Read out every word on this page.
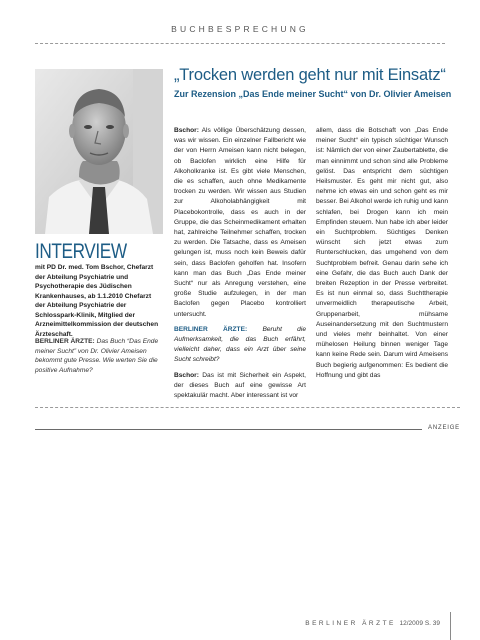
BUCHBESPRECHUNG
„Trocken werden geht nur mit Einsatz“
Zur Rezension „Das Ende meiner Sucht“ von Dr. Olivier Ameisen
INTERVIEW
mit PD Dr. med. Tom Bschor, Chefarzt der Abteilung Psychiatrie und Psychotherapie des Jüdischen Krankenhauses, ab 1.1.2010 Chefarzt der Abteilung Psychiatrie der Schlosspark-Klinik, Mitglied der Arzneimittelkommission der deutschen Ärzteschaft.
BERLINER ÄRZTE: Das Buch “Das Ende meiner Sucht” von Dr. Olivier Ameisen bekommt gute Presse. Wie werten Sie die positive Aufnahme?

Bschor: Als völlige Überschätzung dessen, was wir wissen. Ein einzelner Fallbericht wie der von Herrn Ameisen kann nicht belegen, ob Baclofen wirklich eine Hilfe für Alkoholkranke ist. Es gibt viele Menschen, die es schaffen, auch ohne Medikamente trocken zu werden. Wir wissen aus Studien zur Alkoholabhängigkeit mit Placebokontrolle, dass es auch in der Gruppe, die das Scheinmedikament erhalten hat, zahlreiche Teilnehmer schaffen, trocken zu werden. Die Tatsache, dass es Ameisen gelungen ist, muss noch kein Beweis dafür sein, dass Baclofen geholfen hat. Insofern kann man das Buch „Das Ende meiner Sucht“ nur als Anregung verstehen, eine große Studie aufzulegen, in der man Baclofen gegen Placebo kontrolliert untersucht.

BERLINER ÄRZTE: Beruht die Aufmerksamkeit, die das Buch erfährt, vielleicht daher, dass ein Arzt über seine Sucht schreibt?

Bschor: Das ist mit Sicherheit ein Aspekt, der dieses Buch auf eine gewisse Art spektakulär macht. Aber interessant ist vor

allem, dass die Botschaft von „Das Ende meiner Sucht“ ein typisch süchtiger Wunsch ist: Nämlich der von einer Zaubertablette, die man einnimmt und schon sind alle Probleme gelöst. Das entspricht dem süchtigen Heilsmuster. Es geht mir nicht gut, also nehme ich etwas ein und schon geht es mir besser. Bei Alkohol werde ich ruhig und kann schlafen, bei Drogen kann ich mein Empfinden steuern. Nun habe ich aber leider ein Suchtproblem. Süchtiges Denken wünscht sich jetzt etwas zum Runterschlucken, das umgehend von dem Suchtproblem befreit. Genau darin sehe ich eine Gefahr, die das Buch auch Dank der breiten Rezeption in der Presse verbreitet. Es ist nun einmal so, dass Suchttherapie unvermeidlich therapeutische Arbeit, Gruppenarbeit, mühsame Auseinandersetzung mit den Suchtmustern und vieles mehr beinhaltet. Von einer mühelosen Heilung binnen weniger Tage kann keine Rede sein. Darum wird Ameisens Buch begierig aufgenommen: Es bedient die Hoffnung und gibt das

ANZEIGE
BERLINER ÄRZTE 12/2009 S. 39
